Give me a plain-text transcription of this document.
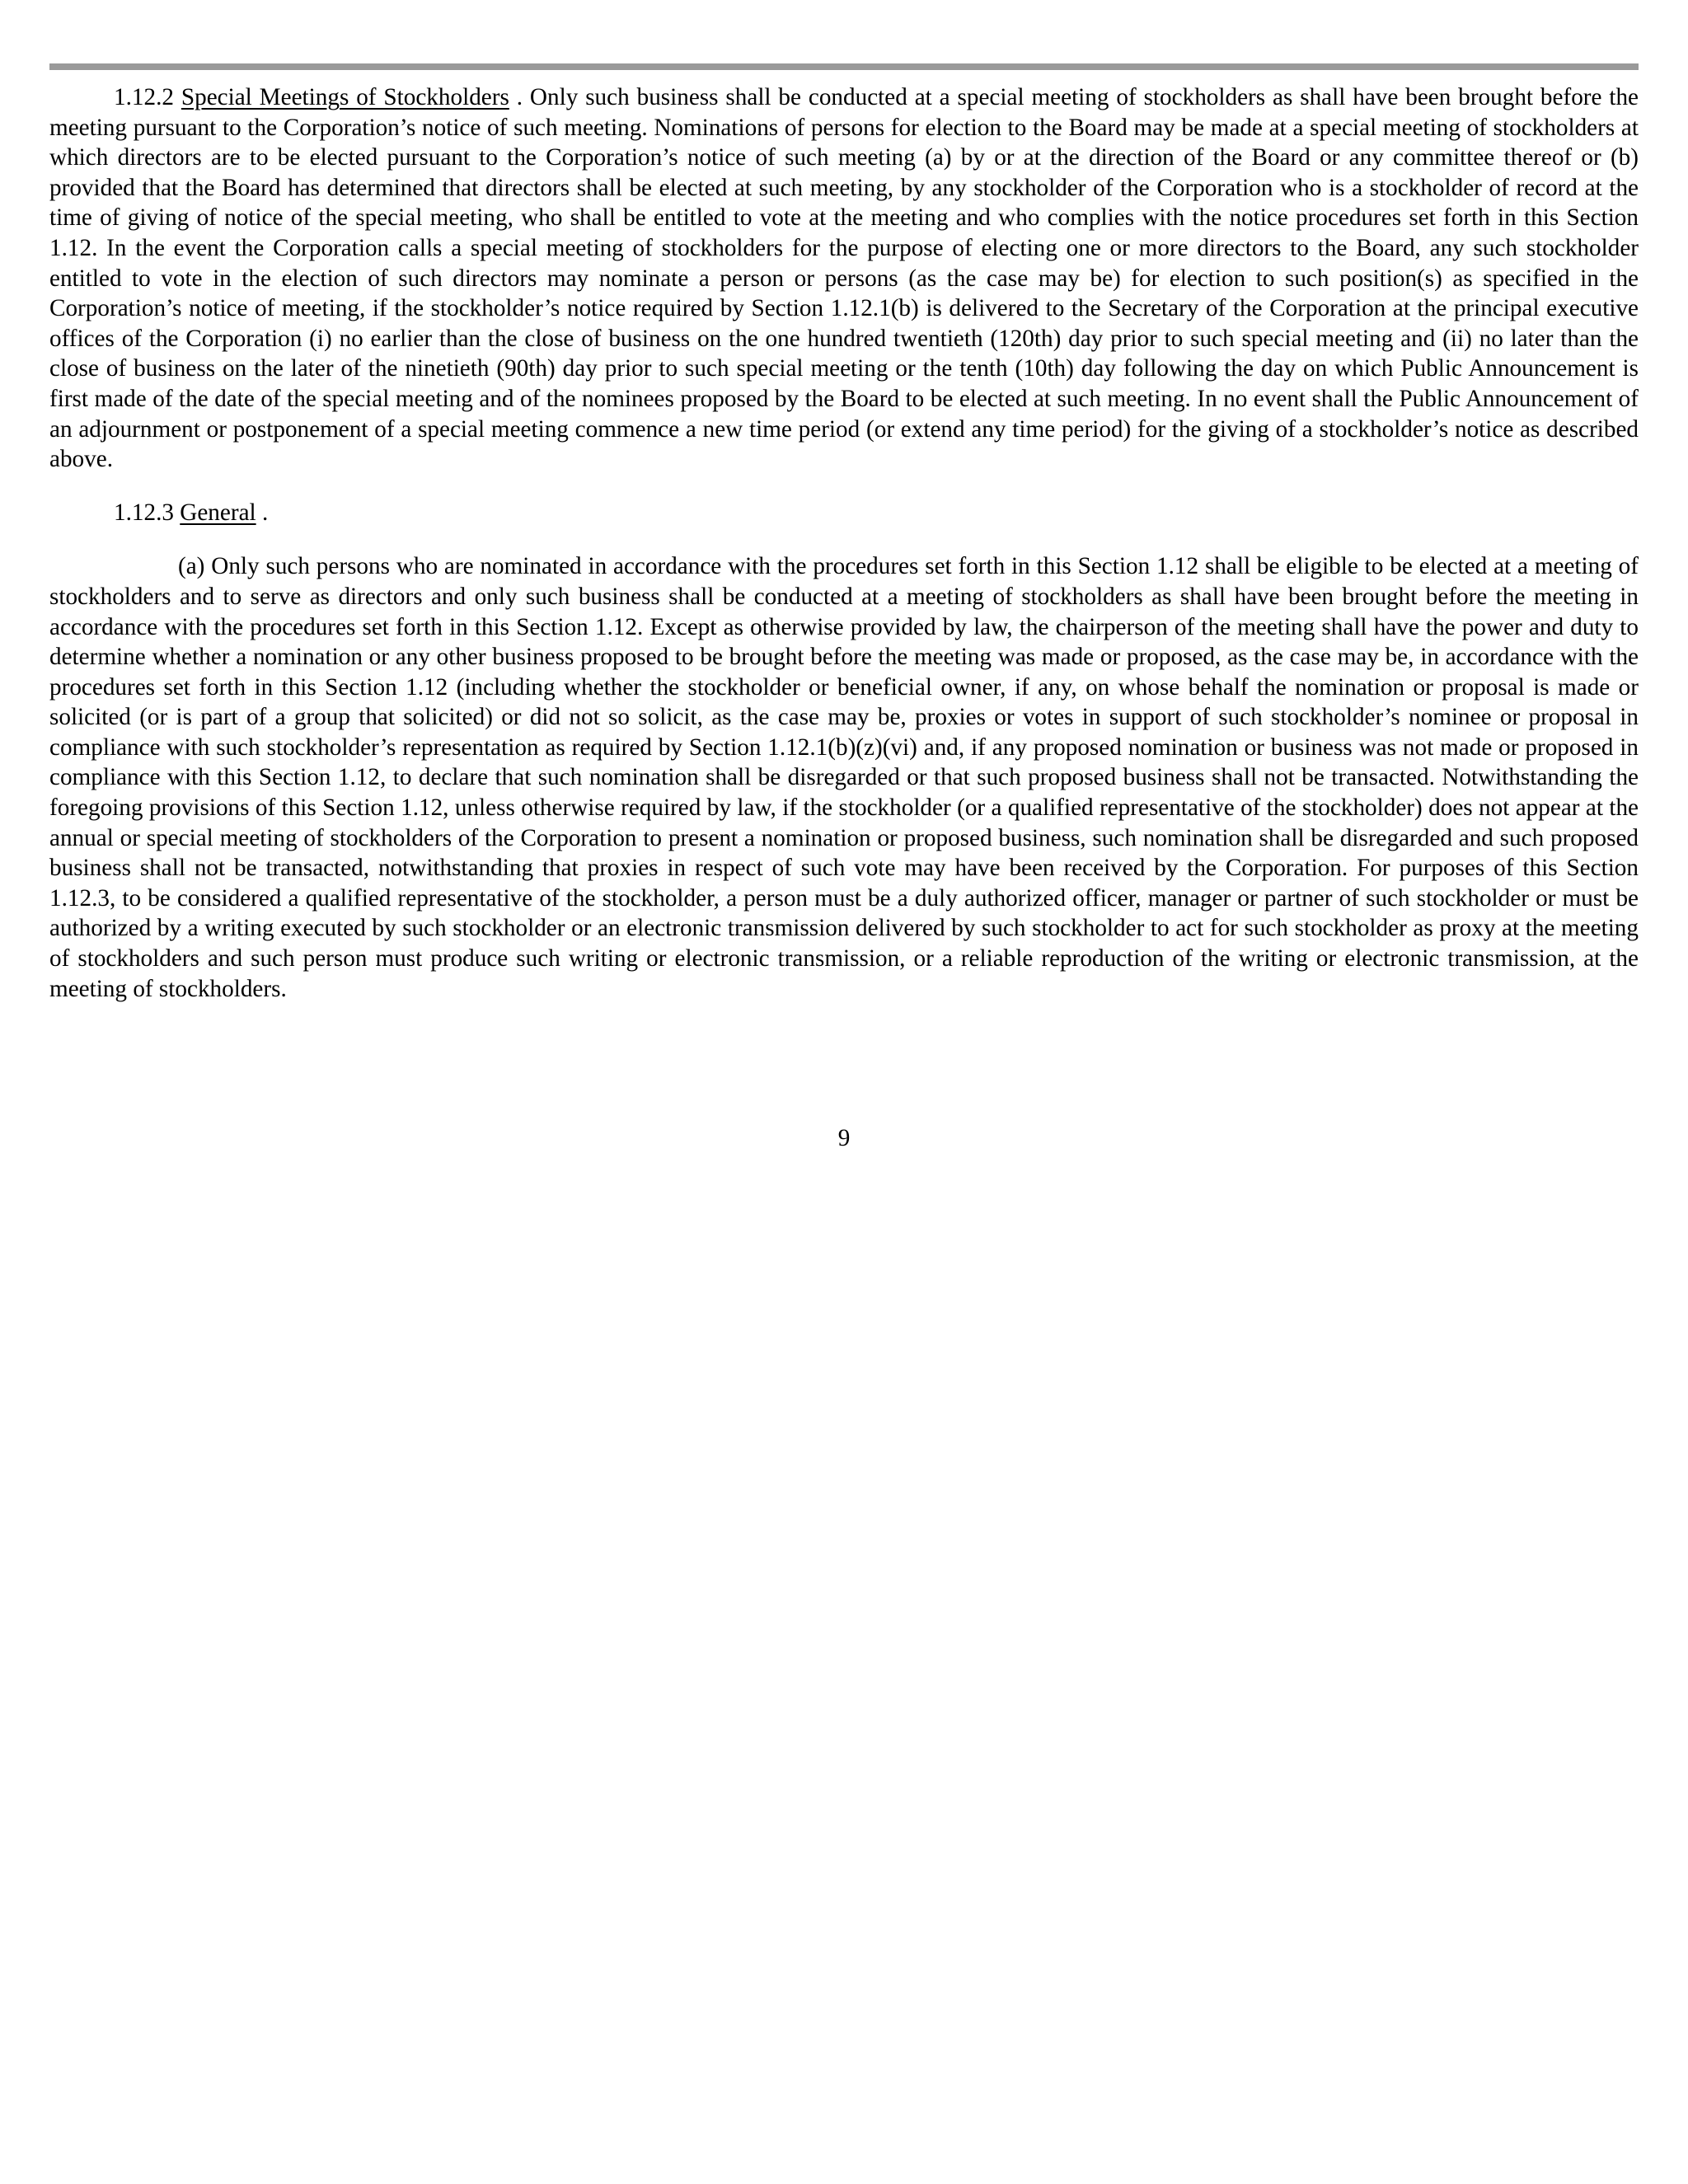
1.12.2 Special Meetings of Stockholders . Only such business shall be conducted at a special meeting of stockholders as shall have been brought before the meeting pursuant to the Corporation’s notice of such meeting. Nominations of persons for election to the Board may be made at a special meeting of stockholders at which directors are to be elected pursuant to the Corporation’s notice of such meeting (a) by or at the direction of the Board or any committee thereof or (b) provided that the Board has determined that directors shall be elected at such meeting, by any stockholder of the Corporation who is a stockholder of record at the time of giving of notice of the special meeting, who shall be entitled to vote at the meeting and who complies with the notice procedures set forth in this Section 1.12. In the event the Corporation calls a special meeting of stockholders for the purpose of electing one or more directors to the Board, any such stockholder entitled to vote in the election of such directors may nominate a person or persons (as the case may be) for election to such position(s) as specified in the Corporation’s notice of meeting, if the stockholder’s notice required by Section 1.12.1(b) is delivered to the Secretary of the Corporation at the principal executive offices of the Corporation (i) no earlier than the close of business on the one hundred twentieth (120th) day prior to such special meeting and (ii) no later than the close of business on the later of the ninetieth (90th) day prior to such special meeting or the tenth (10th) day following the day on which Public Announcement is first made of the date of the special meeting and of the nominees proposed by the Board to be elected at such meeting. In no event shall the Public Announcement of an adjournment or postponement of a special meeting commence a new time period (or extend any time period) for the giving of a stockholder’s notice as described above.

1.12.3 General .

(a) Only such persons who are nominated in accordance with the procedures set forth in this Section 1.12 shall be eligible to be elected at a meeting of stockholders and to serve as directors and only such business shall be conducted at a meeting of stockholders as shall have been brought before the meeting in accordance with the procedures set forth in this Section 1.12. Except as otherwise provided by law, the chairperson of the meeting shall have the power and duty to determine whether a nomination or any other business proposed to be brought before the meeting was made or proposed, as the case may be, in accordance with the procedures set forth in this Section 1.12 (including whether the stockholder or beneficial owner, if any, on whose behalf the nomination or proposal is made or solicited (or is part of a group that solicited) or did not so solicit, as the case may be, proxies or votes in support of such stockholder’s nominee or proposal in compliance with such stockholder’s representation as required by Section 1.12.1(b)(z)(vi) and, if any proposed nomination or business was not made or proposed in compliance with this Section 1.12, to declare that such nomination shall be disregarded or that such proposed business shall not be transacted. Notwithstanding the foregoing provisions of this Section 1.12, unless otherwise required by law, if the stockholder (or a qualified representative of the stockholder) does not appear at the annual or special meeting of stockholders of the Corporation to present a nomination or proposed business, such nomination shall be disregarded and such proposed business shall not be transacted, notwithstanding that proxies in respect of such vote may have been received by the Corporation. For purposes of this Section 1.12.3, to be considered a qualified representative of the stockholder, a person must be a duly authorized officer, manager or partner of such stockholder or must be authorized by a writing executed by such stockholder or an electronic transmission delivered by such stockholder to act for such stockholder as proxy at the meeting of stockholders and such person must produce such writing or electronic transmission, or a reliable reproduction of the writing or electronic transmission, at the meeting of stockholders.

9
